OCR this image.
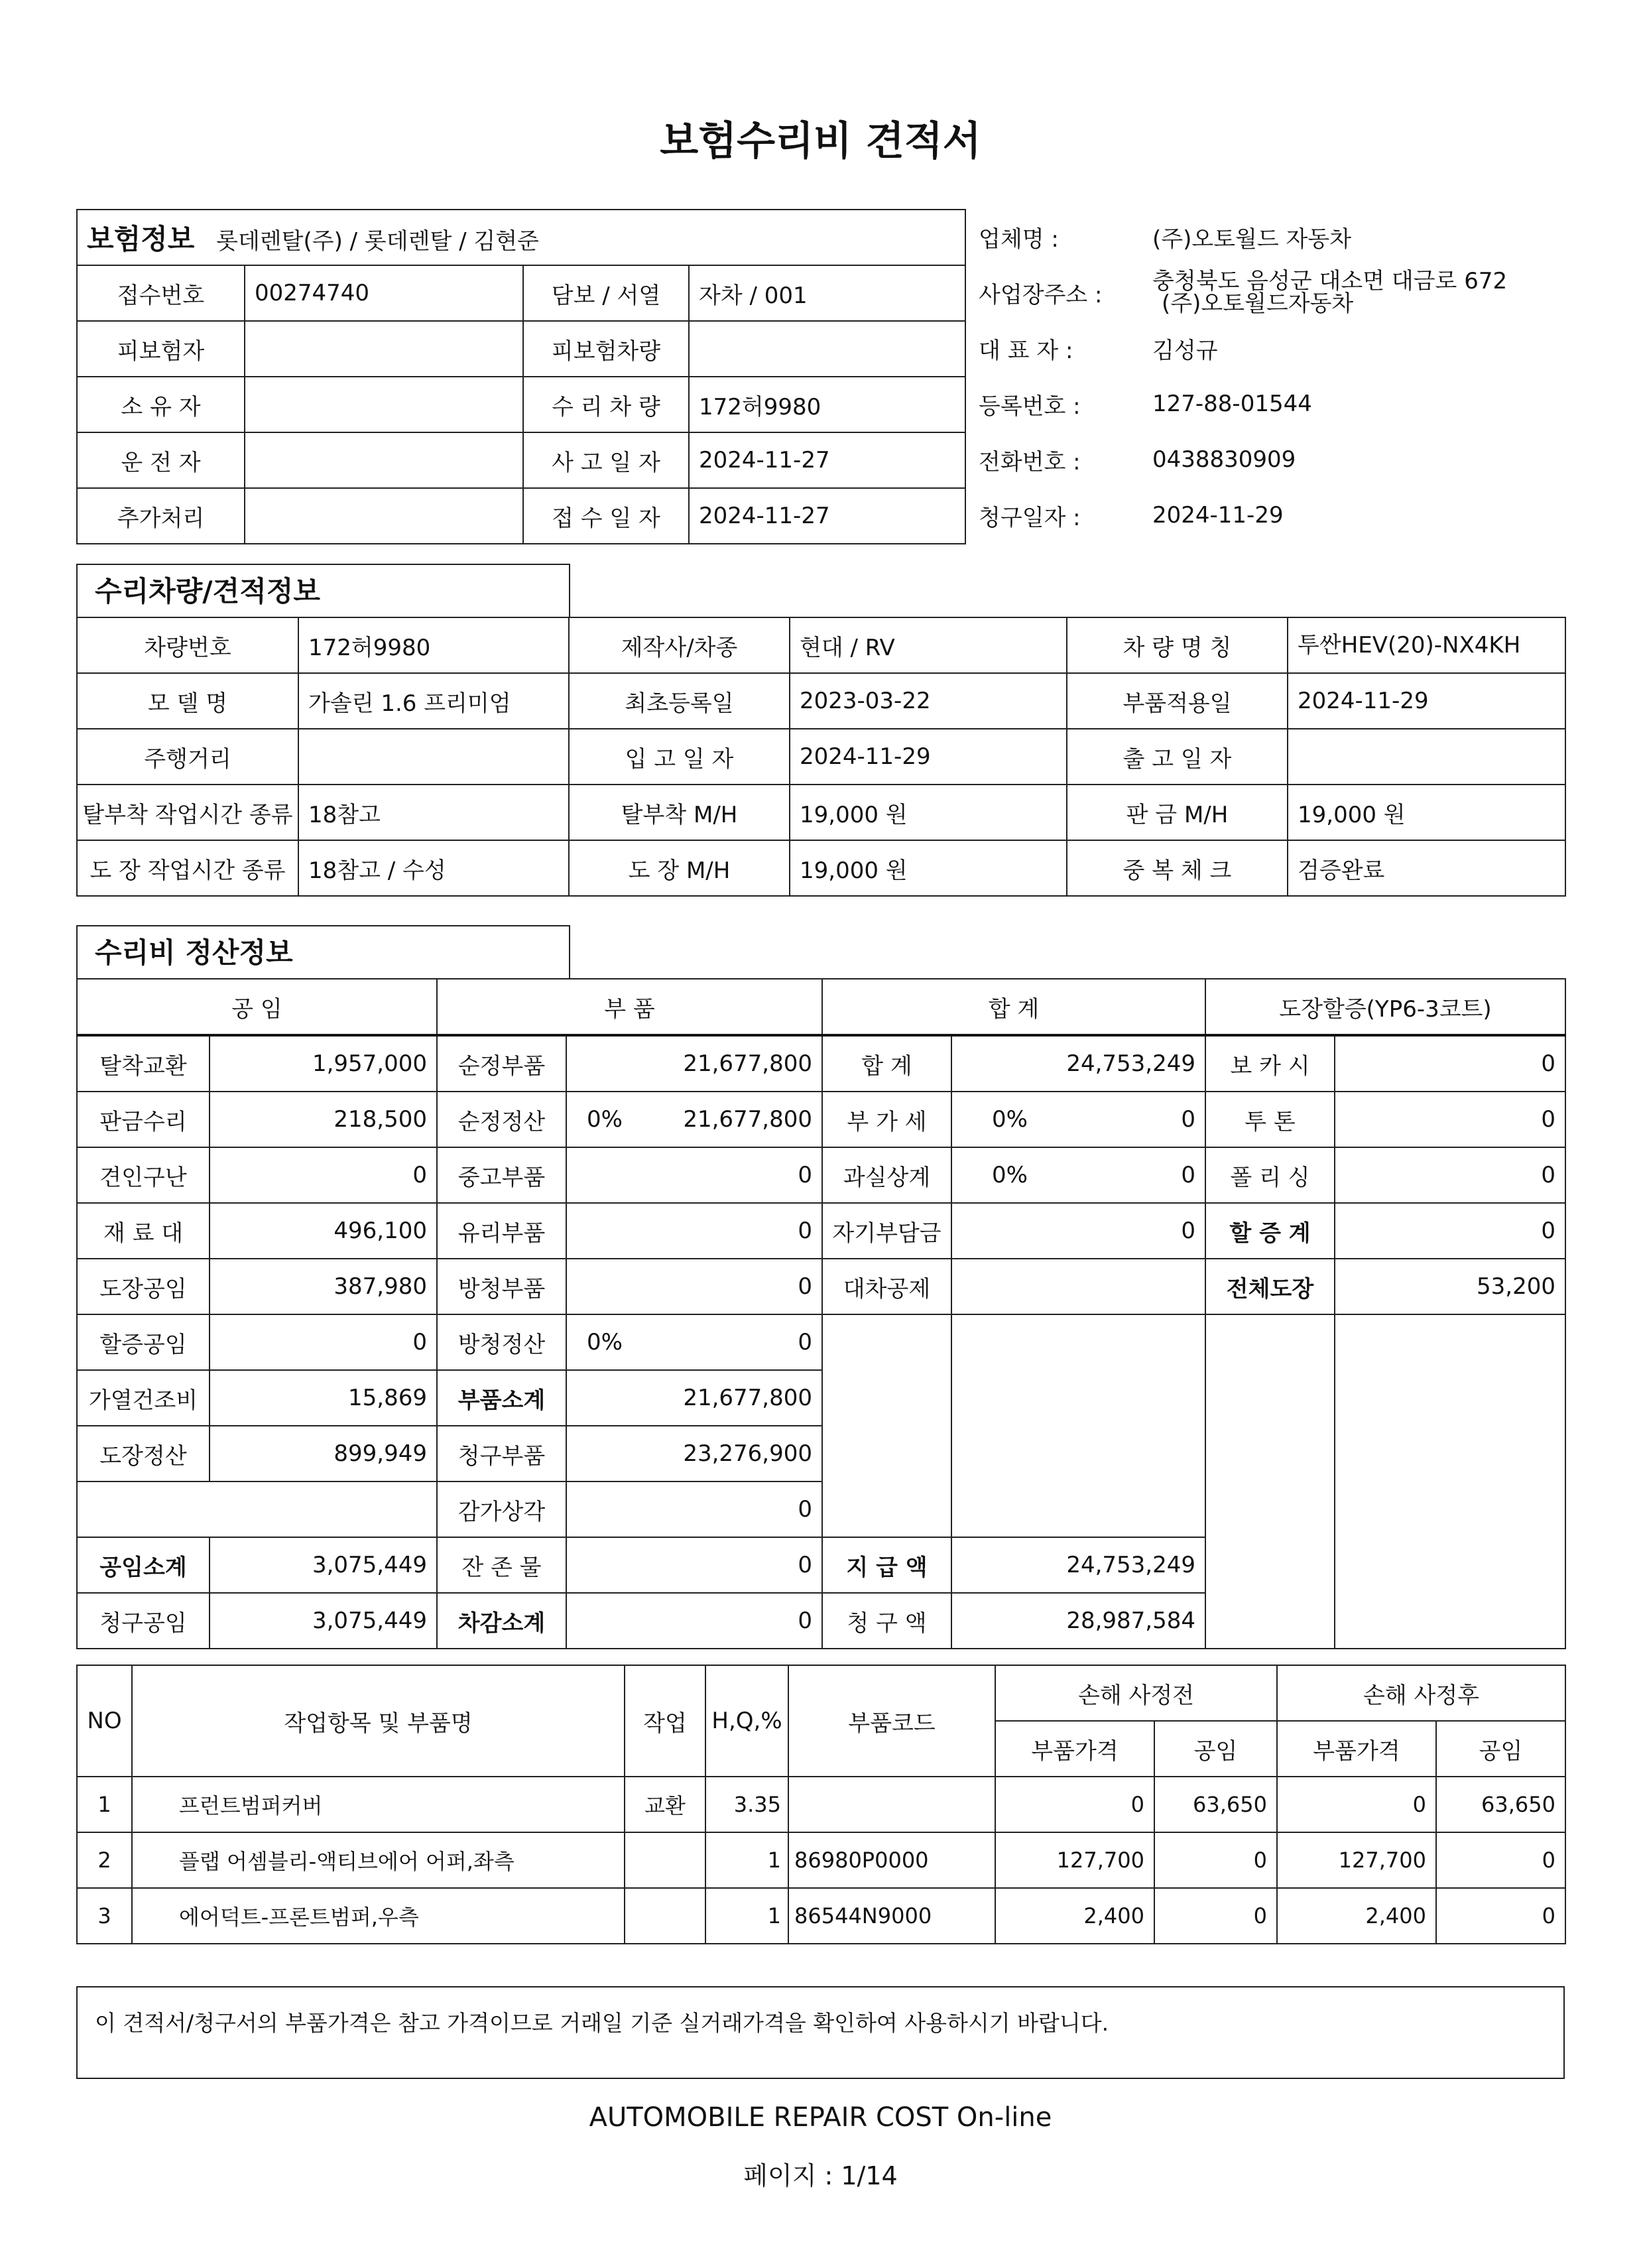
보험수리비 견적서
보험정보 롯데렌탈(주) / 롯데렌탈 / 김현준			
접수번호	00274740	담보 / 서열	자차 / 001
피보험자		피보험차량	
소 유 자		수 리 차 량	172허9980
운 전 자		사 고 일 자	2024-11-27
추가처리		접 수 일 자	2024-11-27
업체명 :	(주)오토월드 자동차
사업장주소 :	충청북도 음성군 대소면 대금로 672
(주)오토월드자동차

대 표 자 :	김성규
등록번호 :	127-88-01544
전화번호 :	0438830909
청구일자 :	2024-11-29
수리차량/견적정보
차량번호	172허9980	제작사/차종	현대 / RV	차 량 명 칭	투싼HEV(20)-NX4KH
모 델 명	가솔린 1.6 프리미엄	최초등록일	2023-03-22	부품적용일	2024-11-29
주행거리		입 고 일 자	2024-11-29	출 고 일 자	
탈부착 작업시간 종류	18참고	탈부착 M/H	19,000 원	판 금 M/H	19,000 원
도 장 작업시간 종류	18참고 / 수성	도 장 M/H	19,000 원	중 복 체 크	검증완료
수리비 정산정보
공 임		부 품			합 계			도장할증(YP6-3코트)	
탈착교환	1,957,000	순정부품		21,677,800	합 계		24,753,249	보 카 시	0
판금수리	218,500	순정정산	0%	21,677,800	부 가 세	0%	0	투 톤	0
견인구난	0	중고부품		0	과실상계	0%	0	폴 리 싱	0
재 료 대	496,100	유리부품		0	자기부담금		0	할 증 계	0
도장공임	387,980	방청부품		0	대차공제			전체도장	53,200
할증공임	0	방청정산	0%	0					
가열건조비	15,869	부품소계		21,677,800					
도장정산	899,949	청구부품		23,276,900					
		감가상각		0					
공임소계	3,075,449	잔 존 물		0	지 급 액		24,753,249		
청구공임	3,075,449	차감소계		0	청 구 액		28,987,584		
NO	작업항목 및 부품명	작업	H,Q,%	부품코드	손해 사정전		손해 사정후	
					부품가격	공임	부품가격	공임
1	프런트범퍼커버	교환	3.35		0	63,650	0	63,650
2	플랩 어셈블리-액티브에어 어퍼,좌측		1	86980P0000	127,700	0	127,700	0
3	에어덕트-프론트범퍼,우측		1	86544N9000	2,400	0	2,400	0
이 견적서/청구서의 부품가격은 참고 가격이므로 거래일 기준 실거래가격을 확인하여 사용하시기 바랍니다.
AUTOMOBILE REPAIR COST On-line
페이지 : 1/14
